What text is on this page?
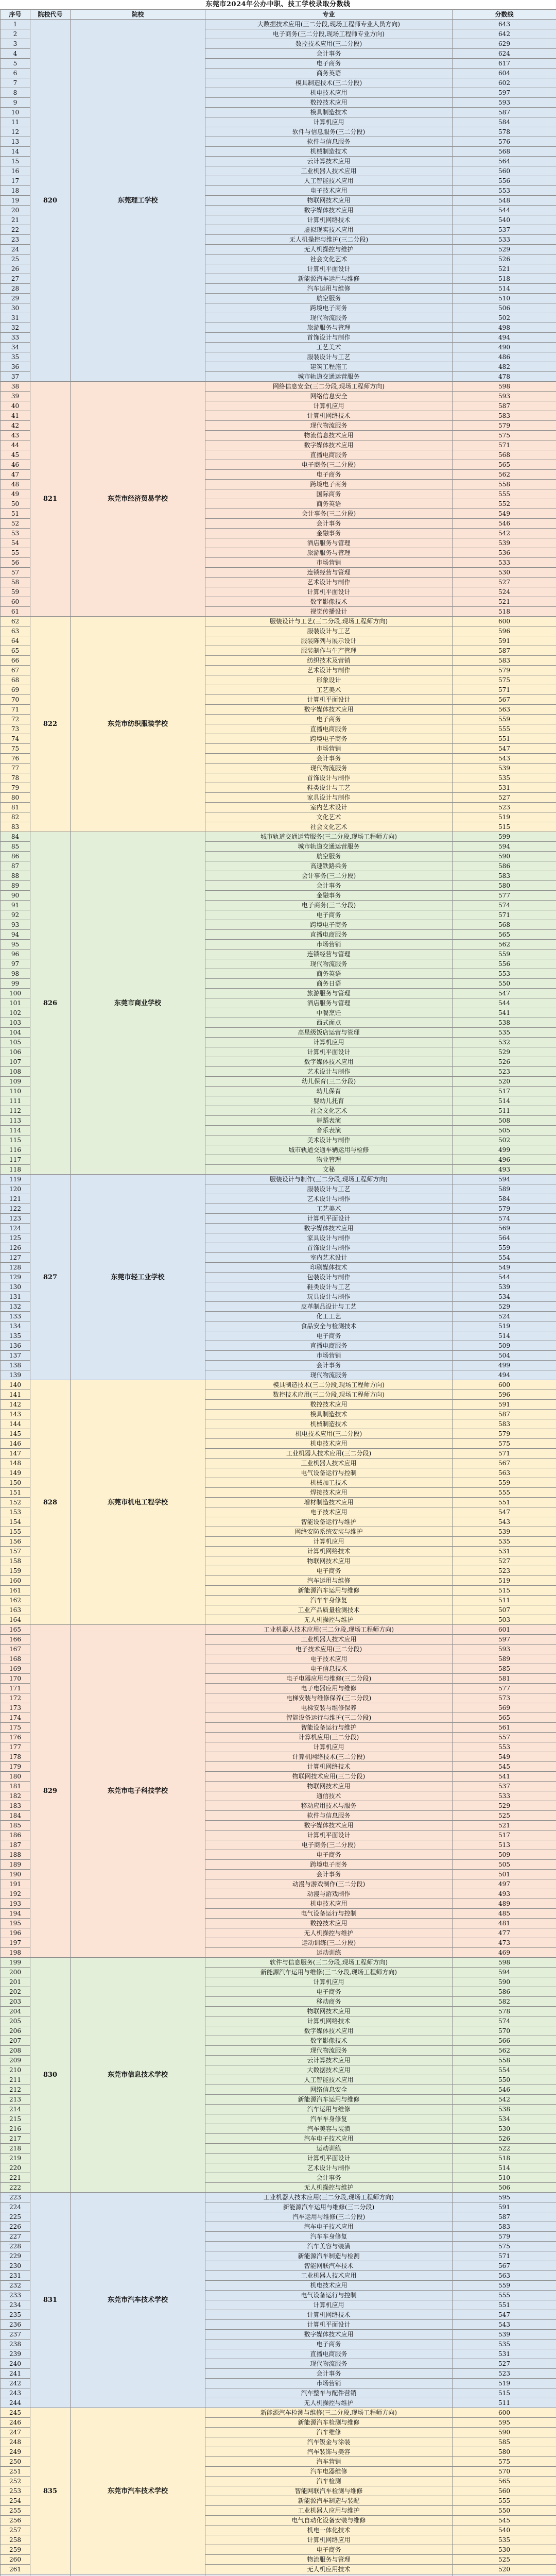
东莞市2024年公办中职、技工学校录取分数线
序号	院校代号	院校	专业	分数线
1	820	东莞理工学校	大数据技术应用(三二分段,现场工程师专业人员方向)	643
2			电子商务(三二分段,现场工程师专业方向)	642
3			数控技术应用(三二分段)	629
4			会计事务	624
5			电子商务	617
6			商务英语	604
7			模具制造技术(三二分段)	602
8			机电技术应用	597
9			数控技术应用	593
10			模具制造技术	587
11			计算机应用	584
12			软件与信息服务(三二分段)	578
13			软件与信息服务	576
14			机械制造技术	568
15			云计算技术应用	564
16			工业机器人技术应用	560
17			人工智能技术应用	556
18			电子技术应用	553
19			物联网技术应用	548
20			数字媒体技术应用	544
21			计算机网络技术	540
22			虚拟现实技术应用	537
23			无人机操控与维护(三二分段)	533
24			无人机操控与维护	529
25			社会文化艺术	526
26			计算机平面设计	521
27			新能源汽车运用与维修	518
28			汽车运用与维修	514
29			航空服务	510
30			跨境电子商务	506
31			现代物流服务	502
32			旅游服务与管理	498
33			首饰设计与制作	494
34			工艺美术	490
35			服装设计与工艺	486
36			建筑工程施工	482
37			城市轨道交通运营服务	478
38	821	东莞市经济贸易学校	网络信息安全(三二分段,现场工程师方向)	598
39			网络信息安全	593
40			计算机应用	587
41			计算机网络技术	583
42			现代物流服务	579
43			物流信息技术应用	575
44			数字媒体技术应用	571
45			直播电商服务	568
46			电子商务(三二分段)	565
47			电子商务	562
48			跨境电子商务	558
49			国际商务	555
50			商务英语	552
51			会计事务(三二分段)	549
52			会计事务	546
53			金融事务	542
54			酒店服务与管理	539
55			旅游服务与管理	536
56			市场营销	533
57			连锁经营与管理	530
58			艺术设计与制作	527
59			计算机平面设计	524
60			数字影像技术	521
61			视觉传播设计	518
62	822	东莞市纺织服装学校	服装设计与工艺(三二分段,现场工程师方向)	600
63			服装设计与工艺	596
64			服装陈列与展示设计	591
65			服装制作与生产管理	587
66			纺织技术及营销	583
67			艺术设计与制作	579
68			形象设计	575
69			工艺美术	571
70			计算机平面设计	567
71			数字媒体技术应用	563
72			电子商务	559
73			直播电商服务	555
74			跨境电子商务	551
75			市场营销	547
76			会计事务	543
77			现代物流服务	539
78			首饰设计与制作	535
79			鞋类设计与工艺	531
80			家具设计与制作	527
81			室内艺术设计	523
82			文化艺术	519
83			社会文化艺术	515
84	826	东莞市商业学校	城市轨道交通运营服务(三二分段,现场工程师方向)	599
85			城市轨道交通运营服务	594
86			航空服务	590
87			高速铁路乘务	586
88			会计事务(三二分段)	583
89			会计事务	580
90			金融事务	577
91			电子商务(三二分段)	574
92			电子商务	571
93			跨境电子商务	568
94			直播电商服务	565
95			市场营销	562
96			连锁经营与管理	559
97			现代物流服务	556
98			商务英语	553
99			商务日语	550
100			旅游服务与管理	547
101			酒店服务与管理	544
102			中餐烹饪	541
103			西式面点	538
104			高星级饭店运营与管理	535
105			计算机应用	532
106			计算机平面设计	529
107			数字媒体技术应用	526
108			艺术设计与制作	523
109			幼儿保育(三二分段)	520
110			幼儿保育	517
111			婴幼儿托育	514
112			社会文化艺术	511
113			舞蹈表演	508
114			音乐表演	505
115			美术设计与制作	502
116			城市轨道交通车辆运用与检修	499
117			物业管理	496
118			文秘	493
119	827	东莞市轻工业学校	服装设计与制作(三二分段,现场工程师方向)	594
120			服装设计与工艺	589
121			艺术设计与制作	584
122			工艺美术	579
123			计算机平面设计	574
124			数字媒体技术应用	569
125			家具设计与制作	564
126			首饰设计与制作	559
127			室内艺术设计	554
128			印刷媒体技术	549
129			包装设计与制作	544
130			鞋类设计与工艺	539
131			玩具设计与制作	534
132			皮革制品设计与工艺	529
133			化工工艺	524
134			食品安全与检测技术	519
135			电子商务	514
136			直播电商服务	509
137			市场营销	504
138			会计事务	499
139			现代物流服务	494
140	828	东莞市机电工程学校	模具制造技术(三二分段,现场工程师方向)	600
141			数控技术应用(三二分段,现场工程师方向)	596
142			数控技术应用	591
143			模具制造技术	587
144			机械制造技术	583
145			机电技术应用(三二分段)	579
146			机电技术应用	575
147			工业机器人技术应用(三二分段)	571
148			工业机器人技术应用	567
149			电气设备运行与控制	563
150			机械加工技术	559
151			焊接技术应用	555
152			增材制造技术应用	551
153			电子技术应用	547
154			智能设备运行与维护	543
155			网络安防系统安装与维护	539
156			计算机应用	535
157			计算机网络技术	531
158			物联网技术应用	527
159			电子商务	523
160			汽车运用与维修	519
161			新能源汽车运用与维修	515
162			汽车车身修复	511
163			工业产品质量检测技术	507
164			无人机操控与维护	503
165	829	东莞市电子科技学校	工业机器人技术应用(三二分段,现场工程师方向)	601
166			工业机器人技术应用	597
167			电子技术应用(三二分段)	593
168			电子技术应用	589
169			电子信息技术	585
170			电子电器应用与维修(三二分段)	581
171			电子电器应用与维修	577
172			电梯安装与维修保养(三二分段)	573
173			电梯安装与维修保养	569
174			智能设备运行与维护(三二分段)	565
175			智能设备运行与维护	561
176			计算机应用(三二分段)	557
177			计算机应用	553
178			计算机网络技术(三二分段)	549
179			计算机网络技术	545
180			物联网技术应用(三二分段)	541
181			物联网技术应用	537
182			通信技术	533
183			移动应用技术与服务	529
184			软件与信息服务	525
185			数字媒体技术应用	521
186			计算机平面设计	517
187			电子商务(三二分段)	513
188			电子商务	509
189			跨境电子商务	505
190			会计事务	501
191			动漫与游戏制作(三二分段)	497
192			动漫与游戏制作	493
193			机电技术应用	489
194			电气设备运行与控制	485
195			数控技术应用	481
196			无人机操控与维护	477
197			运动训练(三二分段)	473
198			运动训练	469
199	830	东莞市信息技术学校	软件与信息服务(三二分段,现场工程师方向)	598
200			新能源汽车运用与维修(三二分段,现场工程师方向)	594
201			计算机应用	590
202			电子商务	586
203			移动商务	582
204			物联网技术应用	578
205			计算机网络技术	574
206			数字媒体技术应用	570
207			数字影像技术	566
208			现代物流服务	562
209			云计算技术应用	558
210			大数据技术应用	554
211			人工智能技术应用	550
212			网络信息安全	546
213			新能源汽车运用与维修	542
214			汽车运用与维修	538
215			汽车车身修复	534
216			汽车美容与装潢	530
217			汽车电子技术应用	526
218			运动训练	522
219			计算机平面设计	518
220			艺术设计与制作	514
221			会计事务	510
222			无人机操控与维护	506
223	831	东莞市汽车技术学校	工业机器人技术应用(三二分段,现场工程师方向)	595
224			新能源汽车运用与维修(三二分段)	591
225			汽车运用与维修(三二分段)	587
226			汽车电子技术应用	583
227			汽车车身修复	579
228			汽车美容与装潢	575
229			新能源汽车制造与检测	571
230			智能网联汽车技术	567
231			工业机器人技术应用	563
232			机电技术应用	559
233			电气设备运行与控制	555
234			计算机应用	551
235			计算机网络技术	547
236			计算机平面设计	543
237			数字媒体技术应用	539
238			电子商务	535
239			直播电商服务	531
240			现代物流服务	527
241			会计事务	523
242			市场营销	519
243			汽车整车与配件营销	515
244			无人机操控与维护	511
245	835	东莞市汽车技术学校	新能源汽车检测与维修(三二分段,现场工程师方向)	600
246			新能源汽车检测与维修	595
247			汽车维修	590
248			汽车钣金与涂装	585
249			汽车装饰与美容	580
250			汽车营销	575
251			汽车电器维修	570
252			汽车检测	565
253			智能网联汽车检测与维修	560
254			新能源汽车制造与装配	555
255			工业机器人应用与维护	550
256			电气自动化设备安装与维修	545
257			机电一体化技术	540
258			计算机网络应用	535
259			电子商务	530
260			物流服务与管理	525
261			无人机应用技术	520
